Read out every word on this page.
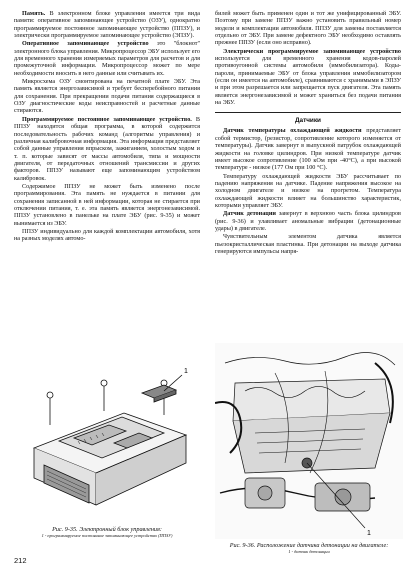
Память. В электронном блоке управления имеется три вида памяти: оперативное запоминающее устройство (ОЗУ), однократно программируемое постоянное запоминающее устройство (ППЗУ), и электрически программируемое запоминающее устройство (ЭПЗУ).

Оперативное запоминающее устройство это "блокнот" электронного блока управления. Микропроцессор ЭБУ использует его для временного хранения измеряемых параметров для расчетов и для промежуточной информации. Микропроцессор может по мере необходимости вносить в него данные или считывать их.

Микросхема ОЗУ смонтирована на печатной плате ЭБУ. Эта память является энергозависимой и требует бесперебойного питания для сохранения. При прекращении подачи питания содержащиеся в ОЗУ диагностические коды неисправностей и расчетные данные стираются.

Программируемое постоянное запоминающее устройство. В ППЗУ находится общая программа, в которой содержится последовательность рабочих команд (алгоритмы управления) и различная калибровочная информация. Эта информация представляет собой данные управления впрыском, зажиганием, холостым ходом и т. п. которые зависят от массы автомобиля, типа и мощности двигателя, от передаточных отношений трансмиссии и других факторов. ППЗУ называют еще запоминающим устройством калибровок.

Содержимое ППЗУ не может быть изменено после программирования. Эта память не нуждается в питании для сохранения записанной в ней информации, которая не стирается при отключении питания, т. е. эта память является энергонезависимой. ППЗУ установлено в панельке на плате ЭБУ (рис. 9-35) и может вынимается из ЭБУ.

ППЗУ индивидуально для каждой комплектации автомобиля, хотя на разных моделях автомо-

билей может быть применен один и тот же унифицированный ЭБУ. Поэтому при замене ППЗУ важно установить правильный номер модели и комплектации автомобиля. ППЗУ для замены поставляется отдельно от ЭБУ. При замене дефектного ЭБУ необходимо оставлять прежнее ППЗУ (если оно исправно).

Электрически программируемое запоминающее устройство используется для временного хранения кодов-паролей противоугонной системы автомобиля (иммобилизатора). Коды-пароли, принимаемые ЭБУ от блока управления иммобилизатором (если он имеется на автомобиле), сравниваются с хранимыми в ЭПЗУ и при этом разрешается или запрещается пуск двигателя. Эта память является энергонезависимой и может храниться без подачи питания на ЭБУ.

Датчики

Датчик температуры охлаждающей жидкости представляет собой термистор, (резистор, сопротивление которого изменяется от температуры). Датчик завернут в выпускной патрубок охлаждающей жидкости на головке цилиндров. При низкой температуре датчик имеет высокое сопротивление (100 кОм при -40°С), а при высокой температуре - низкое (177 Ом при 100 °С).

Температуру охлаждающей жидкости ЭБУ рассчитывает по падению напряжения на датчике. Падение напряжения высокое на холодном двигателе и низкое на прогретом. Температура охлаждающей жидкости влияет на большинство характеристик, которыми управляет ЭБУ.

Датчик детонации завернут в верхнюю часть блока цилиндров (рис. 9-36) и улавливает аномальные вибрации (детонационные удары) в двигателе.

Чувствительным элементом датчика является пьезокристаллическая пластинка. При детонации на выходе датчика генерируются импульсы напря-

1
Рис. 9-35. Электронный блок управления:
1 - программируемое постоянное запоминающее устройство (ППЗУ)	1
Рис. 9-36. Расположение датчика детонации на двигателе:
1 - датчик детонации
212
